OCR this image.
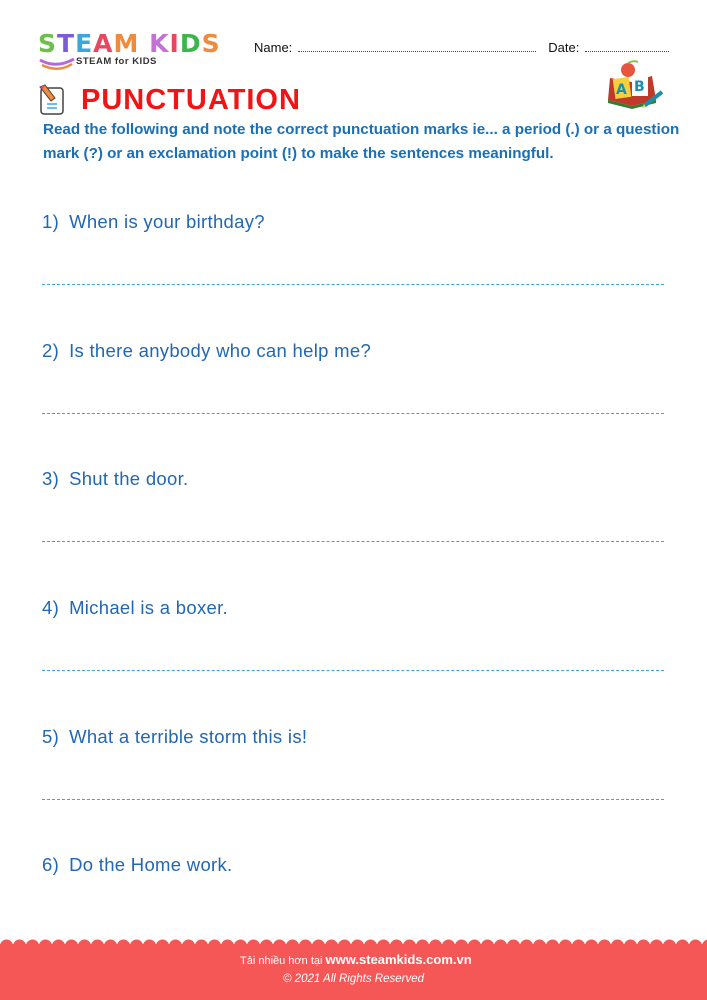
STEAM KIDS
STEAM for KIDS
Name:	Date:
PUNCTUATION	A B
Read the following and note the correct punctuation marks ie... a period (.) or a question mark (?) or an exclamation point (!) to make the sentences meaningful.
1) When is your birthday?
2) Is there anybody who can help me?
3) Shut the door.
4) Michael is a boxer.
5) What a terrible storm this is!
6) Do the Home work.
Tải nhiều hơn tại www.steamkids.com.vn
© 2021 All Rights Reserved
